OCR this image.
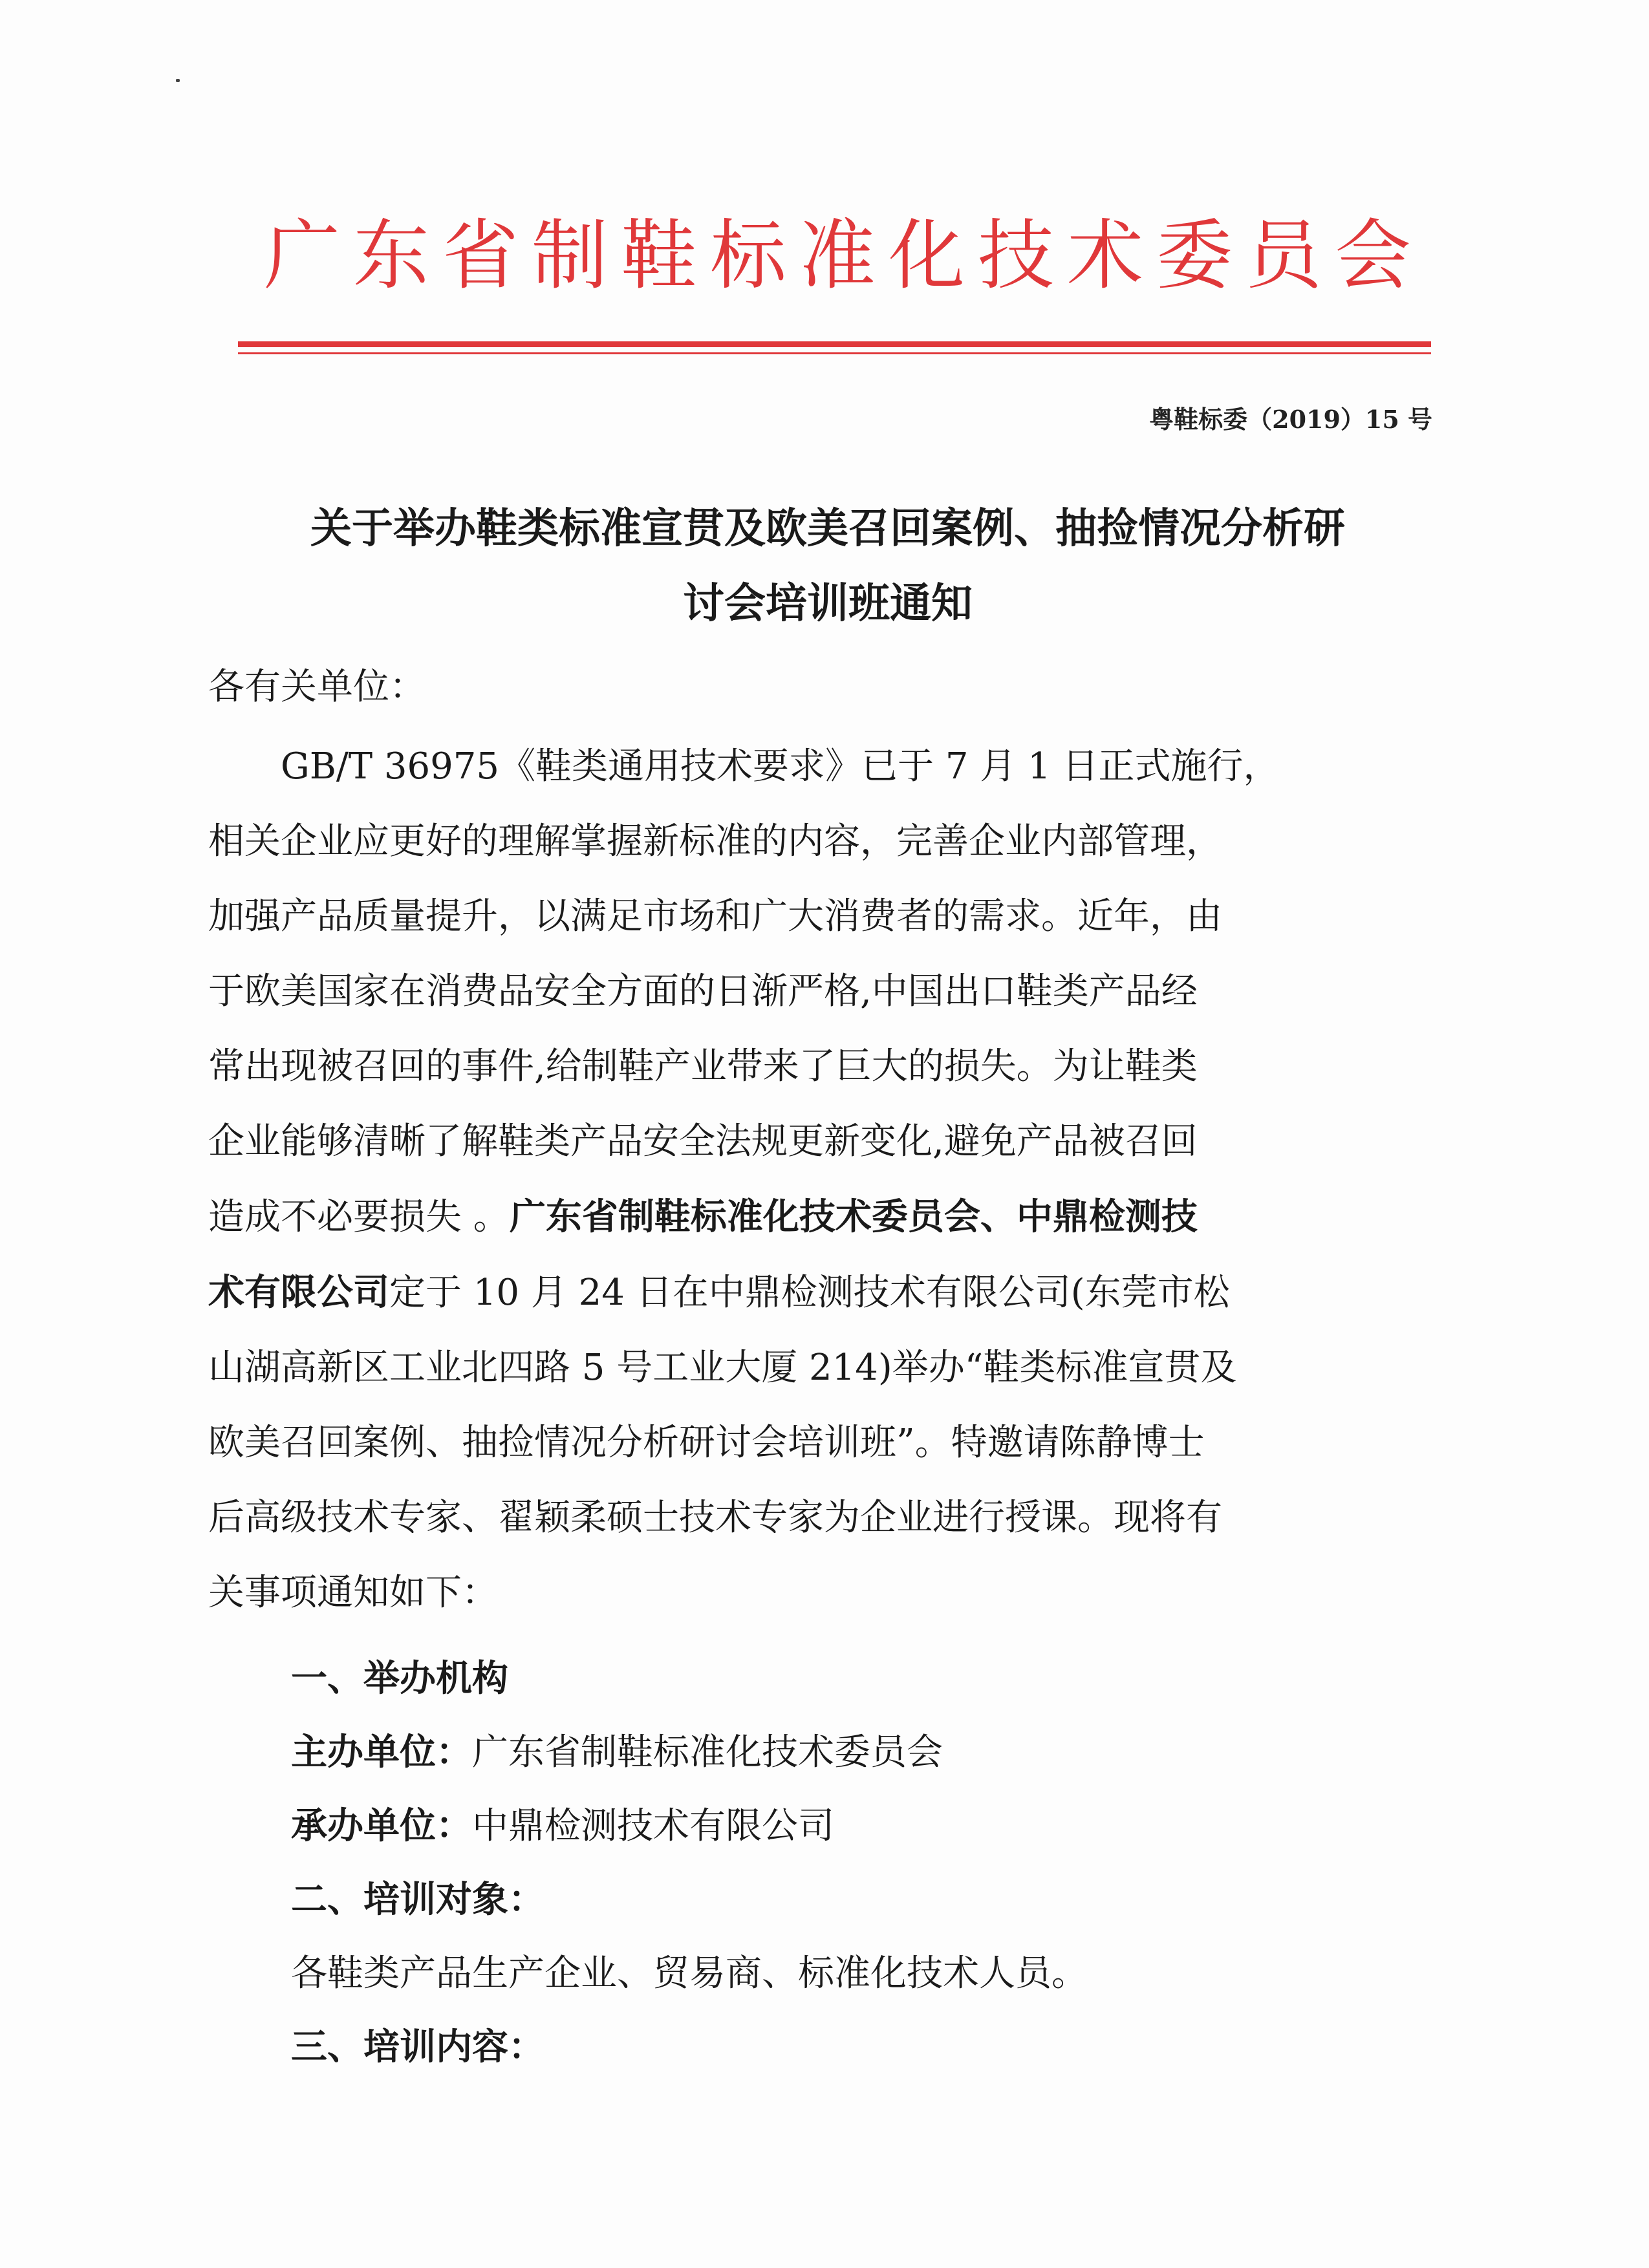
广东省制鞋标准化技术委员会
粤鞋标委（2019）15 号
关于举办鞋类标准宣贯及欧美召回案例、抽捡情况分析研
讨会培训班通知
各有关单位：
　　GB/T 36975《鞋类通用技术要求》已于 7 月 1 日正式施行，
相关企业应更好的理解掌握新标准的内容，完善企业内部管理，
加强产品质量提升，以满足市场和广大消费者的需求。近年，由
于欧美国家在消费品安全方面的日渐严格,中国出口鞋类产品经
常出现被召回的事件,给制鞋产业带来了巨大的损失。为让鞋类
企业能够清晰了解鞋类产品安全法规更新变化,避免产品被召回
造成不必要损失 。广东省制鞋标准化技术委员会、中鼎检测技
术有限公司定于 10 月 24 日在中鼎检测技术有限公司(东莞市松
山湖高新区工业北四路 5 号工业大厦 214)举办“鞋类标准宣贯及
欧美召回案例、抽捡情况分析研讨会培训班”。特邀请陈静博士
后高级技术专家、翟颖柔硕士技术专家为企业进行授课。现将有
关事项通知如下：
一、举办机构
主办单位：广东省制鞋标准化技术委员会
承办单位：中鼎检测技术有限公司
二、培训对象：
各鞋类产品生产企业、贸易商、标准化技术人员。
三、培训内容：
